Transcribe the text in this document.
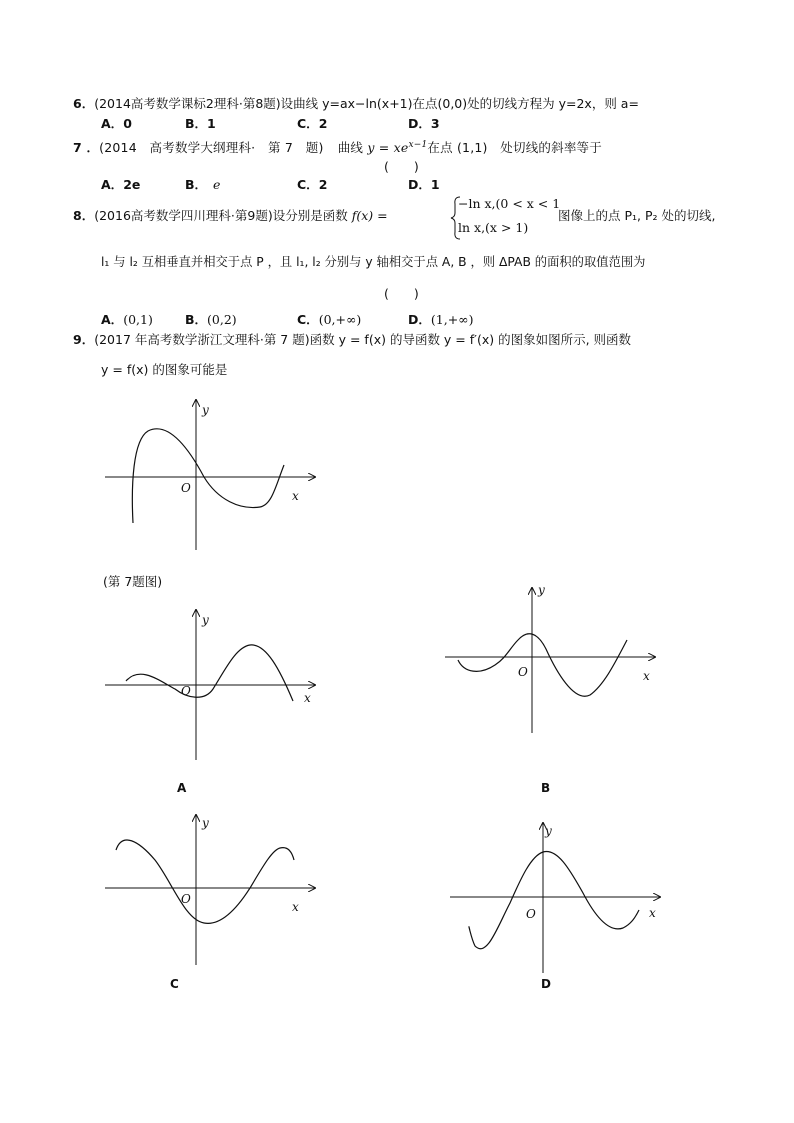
6．(2014高考数学课标2理科·第8题)设曲线 y=ax−ln(x+1)在点(0,0)处的切线方程为 y=2x，则 a=
A．0	B．1	C．2	D．3
7 ．(2014　高考数学大纲理科·　第 7　题) 曲线 $y = xe^{x-1}$在点 (1,1)　处切线的斜率等于
(　　)
A．2e	B． e	C．2	D．1
8．(2016高考数学四川理科·第9题)设分别是函数 f(x) =
−ln x,(0 < x < 1
ln x,(x > 1)
图像上的点 P₁, P₂ 处的切线,
l₁ 与 l₂ 互相垂直并相交于点 P ，且 l₁, l₂ 分别与 y 轴相交于点 A, B ，则 ΔPAB 的面积的取值范围为
(　　)
A． (0,1)	B． (0,2)	C． (0,+∞)	D． (1,+∞)
9．(2017 年高考数学浙江文理科·第 7 题)函数 y = f(x) 的导函数 y = f′(x) 的图象如图所示, 则函数
y = f(x) 的图象可能是
y
x
O
(第 7题图)
y
x
O
A
y
x
O
B
y
x
O
C
y
x
O
D
